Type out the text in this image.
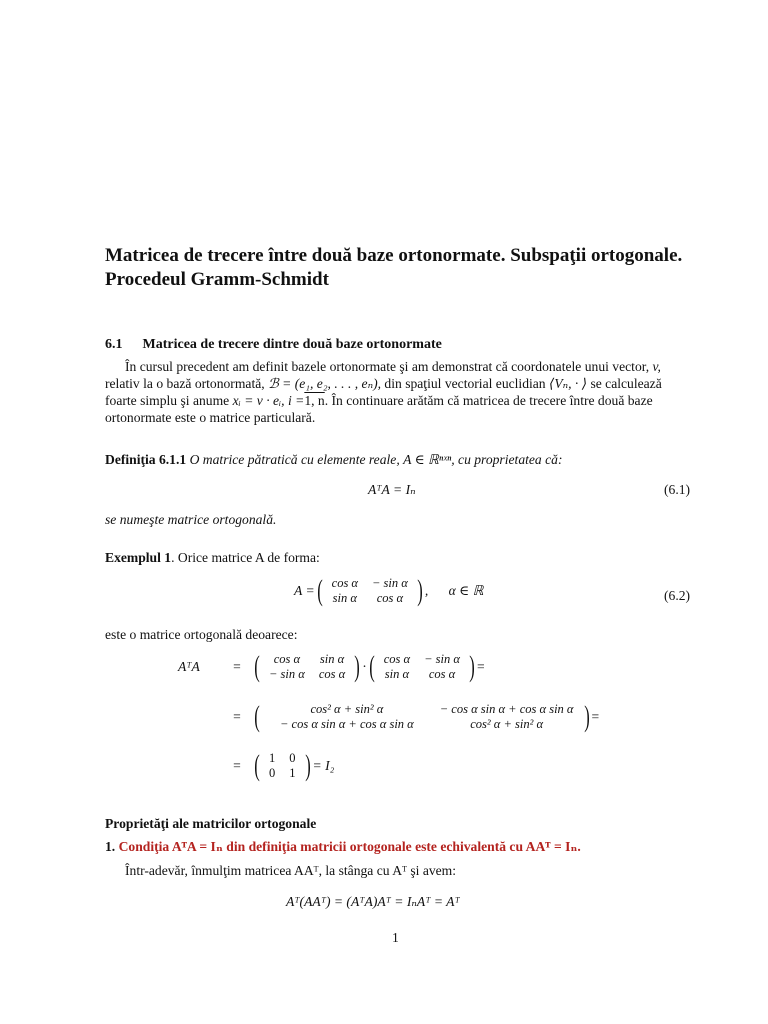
Matricea de trecere între două baze ortonormate. Subspaţii ortogonale. Procedeul Gramm-Schmidt
6.1 Matricea de trecere dintre două baze ortonormate

În cursul precedent am definit bazele ortonormate şi am demonstrat că coordonatele unui vector, v,

relativ la o bază ortonormată, ℬ = (e₁, e₂, . . . , eₙ), din spaţiul vectorial euclidian ⟨Vₙ, · ⟩ se calculează

foarte simplu şi anume xᵢ = v · eᵢ, i =1, n. În continuare arătăm că matricea de trecere între două baze

ortonormate este o matrice particulară.

Definiţia 6.1.1 O matrice pătratică cu elemente reale, A ∈ ℝⁿˣⁿ, cu proprietatea că:
AᵀA = Iₙ	(6.1)
se numeşte matrice ortogonală.
Exemplul 1. Orice matrice A de forma:
A = ( cos α	− sin α
sin α	cos α ) ,      α ∈ ℝ	(6.2)
este o matrice ortogonală deoarece:
AᵀA	= ( cos α	sin α
− sin α	cos α ) · ( cos α	− sin α
sin α	cos α ) =
= (	cos² α + sin² α	− cos α sin α + cos α sin α
− cos α sin α + cos α sin α	cos² α + sin² α ) =
= ( 1	0
0	1 ) = I₂
Proprietăţi ale matricilor ortogonale
1. Condiţia AᵀA = Iₙ din definiţia matricii ortogonale este echivalentă cu AAᵀ = Iₙ.
Într-adevăr, înmulţim matricea AAᵀ, la stânga cu Aᵀ şi avem:
Aᵀ(AAᵀ) = (AᵀA)Aᵀ = IₙAᵀ = Aᵀ
1
